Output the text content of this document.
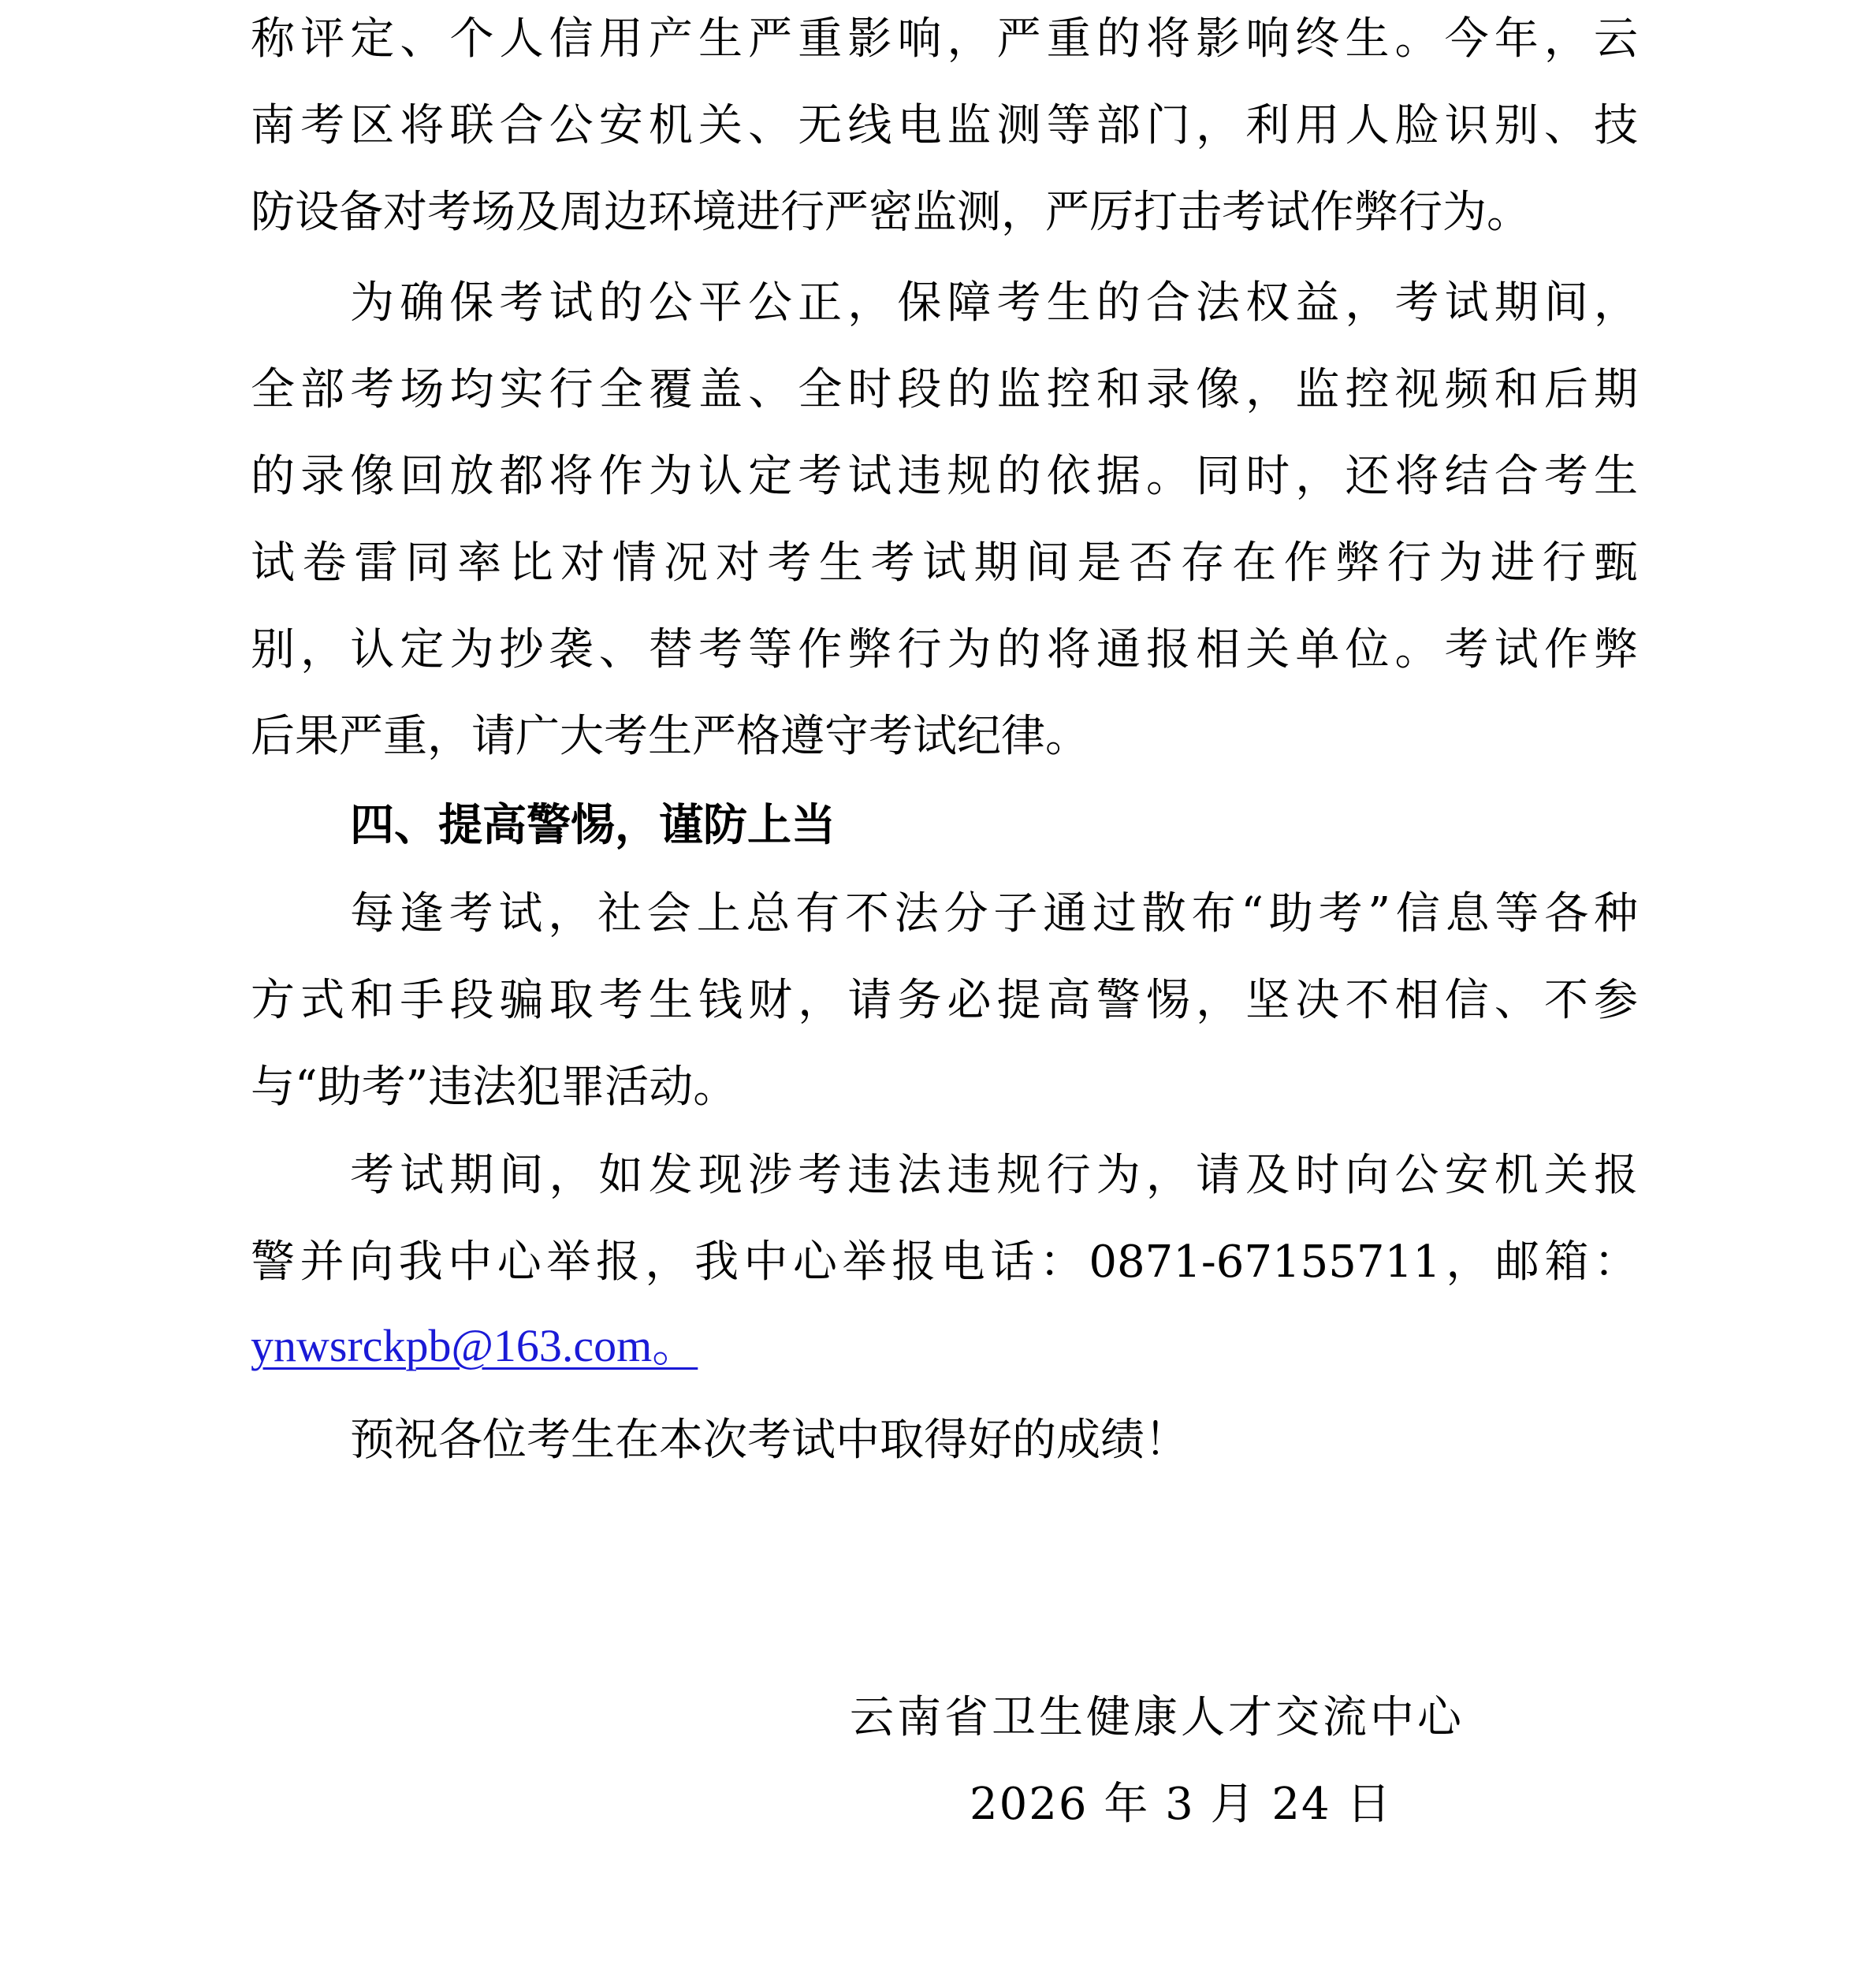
称评定、个人信用产生严重影响，严重的将影响终生。今年，云
南考区将联合公安机关、无线电监测等部门，利用人脸识别、技
防设备对考场及周边环境进行严密监测，严厉打击考试作弊行为。
为确保考试的公平公正，保障考生的合法权益，考试期间，
全部考场均实行全覆盖、全时段的监控和录像，监控视频和后期
的录像回放都将作为认定考试违规的依据。同时，还将结合考生
试卷雷同率比对情况对考生考试期间是否存在作弊行为进行甄
别，认定为抄袭、替考等作弊行为的将通报相关单位。考试作弊
后果严重，请广大考生严格遵守考试纪律。
四、提高警惕，谨防上当
每逢考试，社会上总有不法分子通过散布“助考”信息等各种
方式和手段骗取考生钱财，请务必提高警惕，坚决不相信、不参
与“助考”违法犯罪活动。
考试期间，如发现涉考违法违规行为，请及时向公安机关报
警并向我中心举报，我中心举报电话：0871-67155711，邮箱：
ynwsrckpb@163.com。
预祝各位考生在本次考试中取得好的成绩！
云南省卫生健康人才交流中心
2026 年 3 月 24 日
